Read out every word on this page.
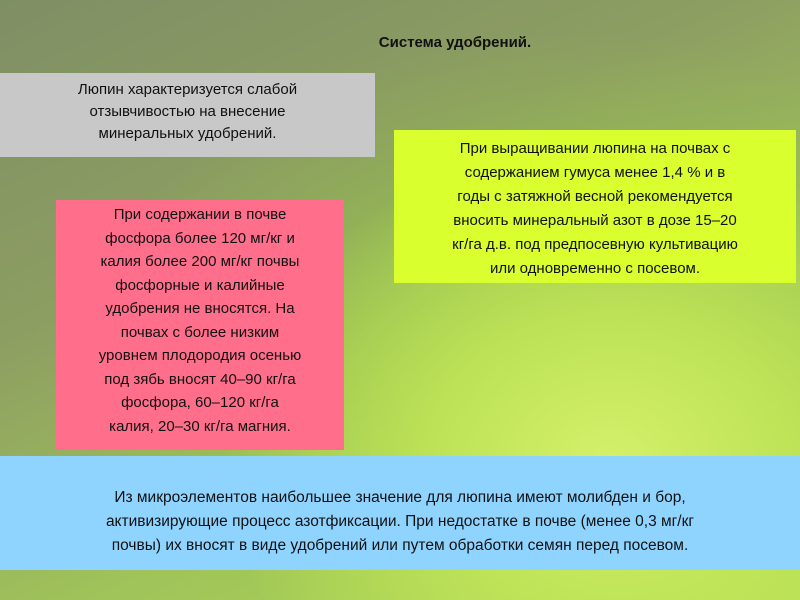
Система удобрений.
Люпин характеризуется слабой
отзывчивостью на внесение
минеральных удобрений.
При выращивании люпина на почвах с
содержанием гумуса менее 1,4 % и в
годы с затяжной весной рекомендуется
вносить минеральный азот в дозе 15–20
кг/га д.в. под предпосевную культивацию
или одновременно с посевом.
При содержании в почве
фосфора более 120 мг/кг и
калия более 200 мг/кг почвы
фосфорные и калийные
удобрения не вносятся. На
почвах с более низким
уровнем плодородия осенью
под зябь вносят 40–90 кг/га
фосфора, 60–120 кг/га
калия, 20–30 кг/га магния.
Из микроэлементов наибольшее значение для люпина имеют молибден и бор,
активизирующие процесс азотфиксации. При недостатке в почве (менее 0,3 мг/кг
почвы) их вносят в виде удобрений или путем обработки семян перед посевом.
